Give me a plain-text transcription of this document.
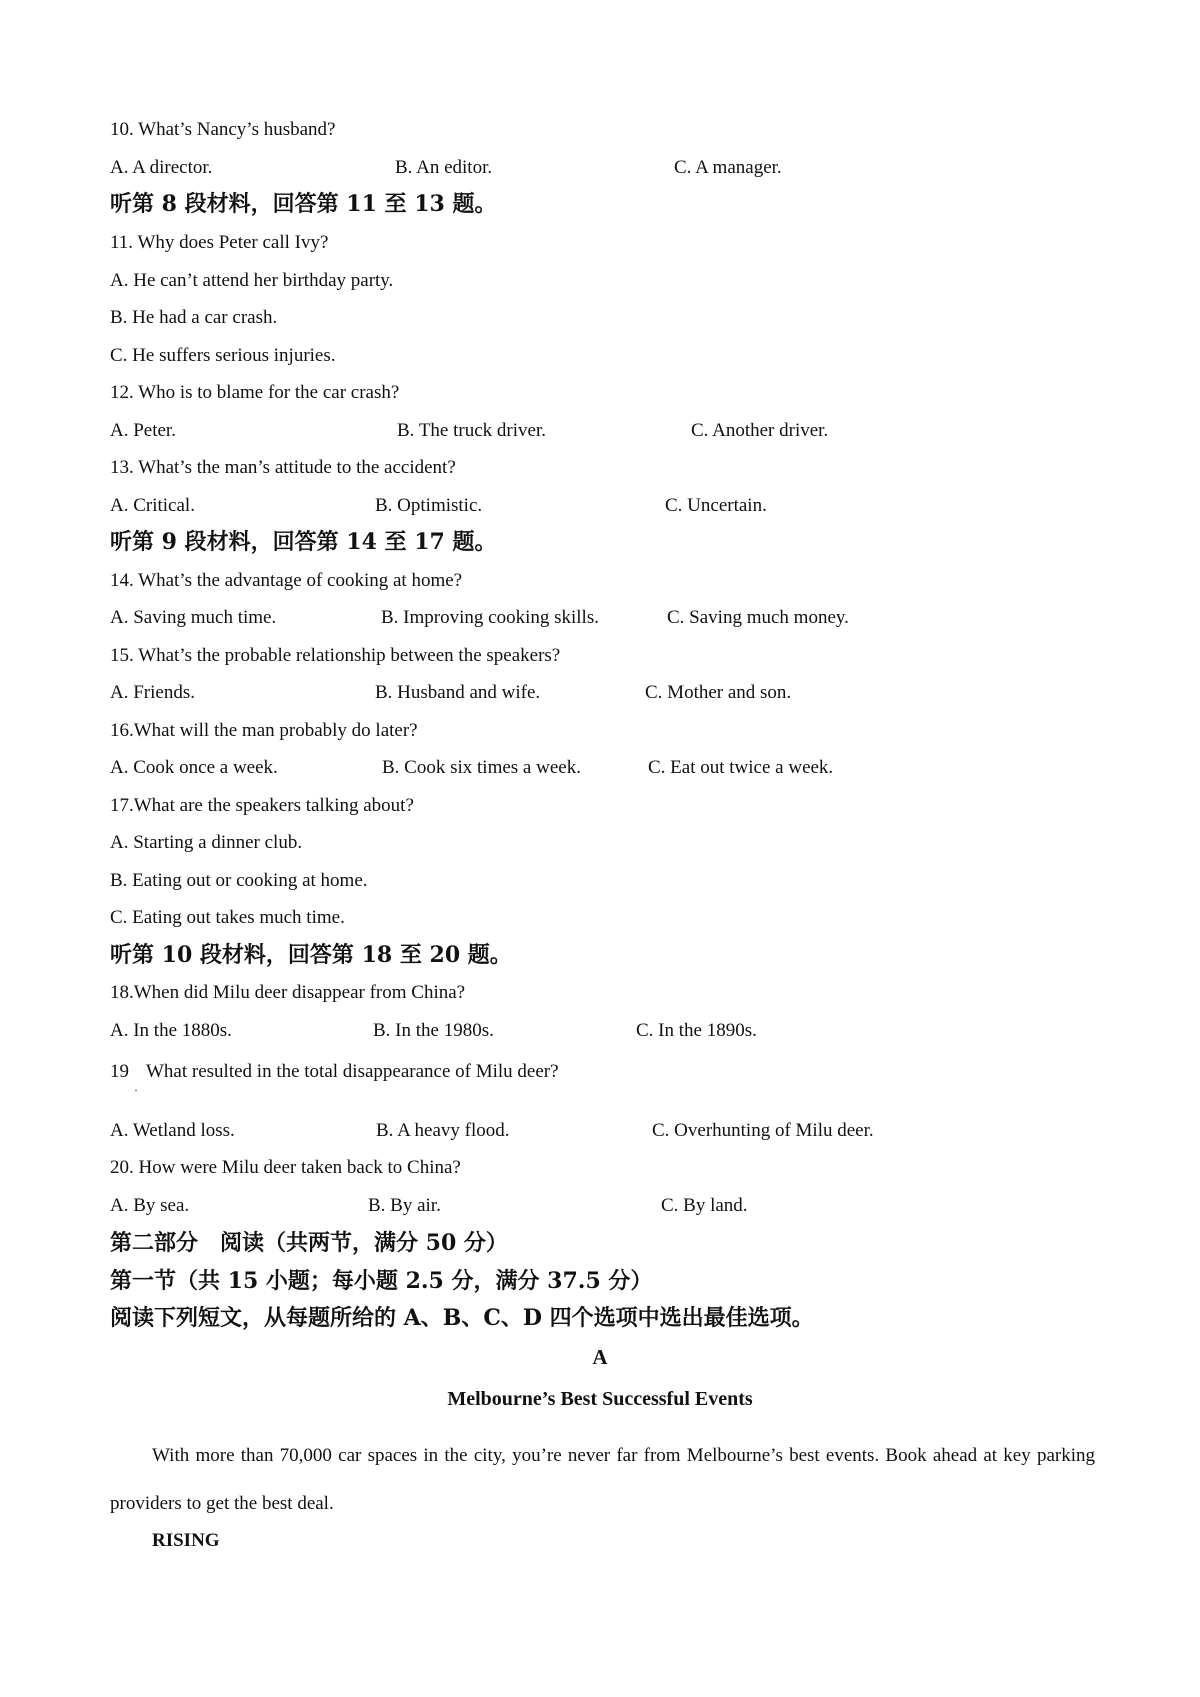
10. What’s Nancy’s husband?
A. A director.	B. An editor.	C. A manager.
听第 8 段材料，回答第 11 至 13 题。
11. Why does Peter call Ivy?
A. He can’t attend her birthday party.
B. He had a car crash.
C. He suffers serious injuries.
12. Who is to blame for the car crash?
A. Peter.	B. The truck driver.	C. Another driver.
13. What’s the man’s attitude to the accident?
A. Critical.	B. Optimistic.	C. Uncertain.
听第 9 段材料，回答第 14 至 17 题。
14. What’s the advantage of cooking at home?
A. Saving much time.	B. Improving cooking skills.	C. Saving much money.
15. What’s the probable relationship between the speakers?
A. Friends.	B. Husband and wife.	C. Mother and son.
16.What will the man probably do later?
A. Cook once a week.	B. Cook six times a week.	C. Eat out twice a week.
17.What are the speakers talking about?
A. Starting a dinner club.
B. Eating out or cooking at home.
C. Eating out takes much time.
听第 10 段材料，回答第 18 至 20 题。
18.When did Milu deer disappear from China?
A. In the 1880s.	B. In the 1980s.	C. In the 1890s.
19 What resulted in the total disappearance of Milu deer?
·
A. Wetland loss.	B. A heavy flood.	C. Overhunting of Milu deer.
20. How were Milu deer taken back to China?
A. By sea.	B. By air.	C. By land.
第二部分　阅读（共两节，满分 50 分）
第一节（共 15 小题；每小题 2.5 分，满分 37.5 分）
阅读下列短文，从每题所给的 A、B、C、D 四个选项中选出最佳选项。
A
Melbourne’s Best Successful Events
With more than 70,000 car spaces in the city, you’re never far from Melbourne’s best events. Book ahead at key parking providers to get the best deal.
RISING
